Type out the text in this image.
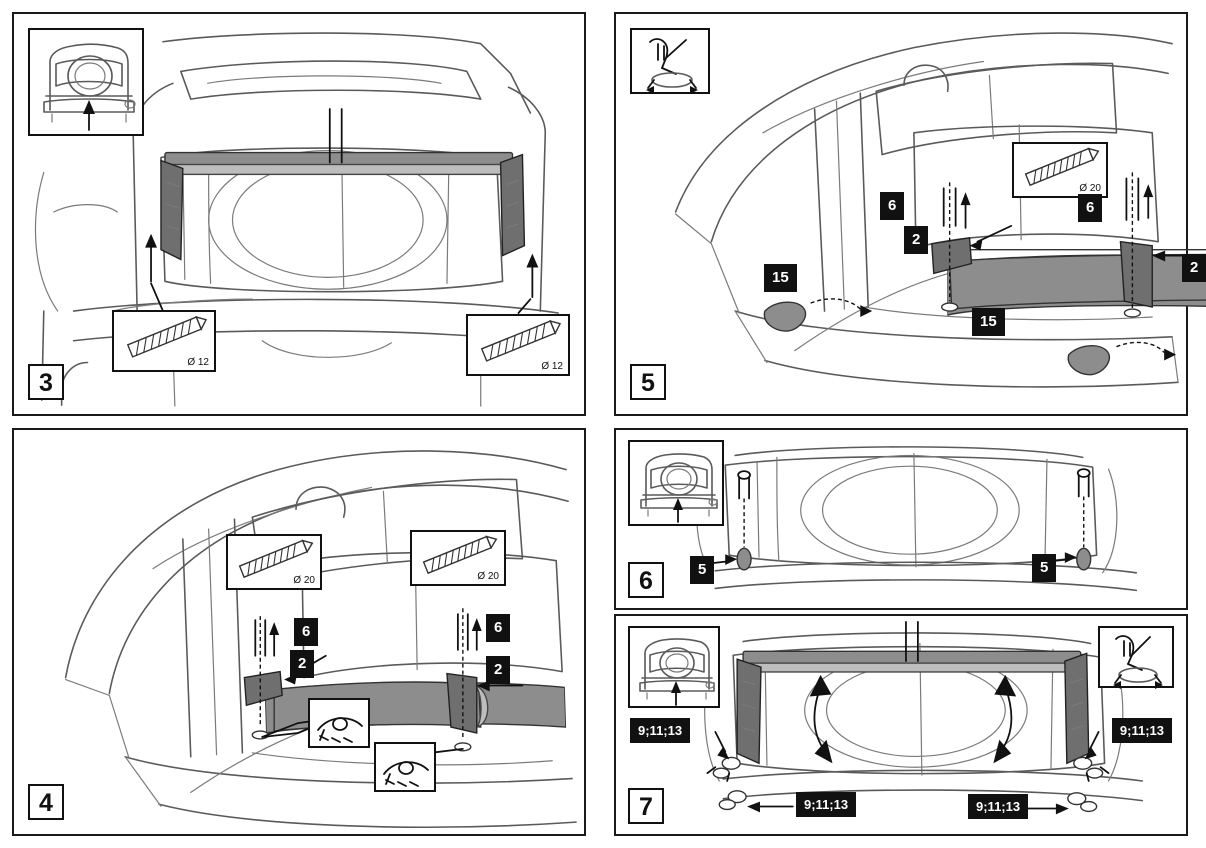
Ø 12	Ø 12
3
Ø 20
6
2
6
2
15
15
5
Ø 20	Ø 20
6	6
2	2
4
5	5
6
9;11;13	9;11;13
9;11;13	9;11;13
7
